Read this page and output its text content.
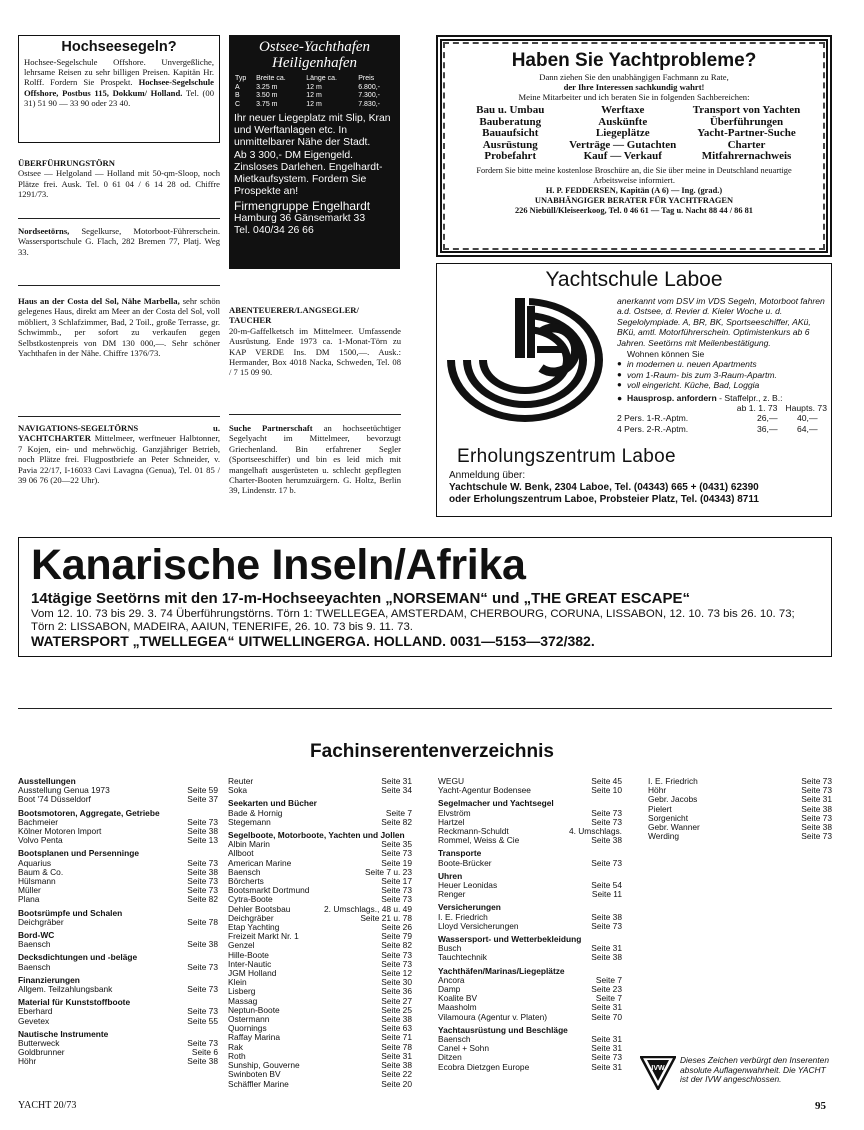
Hochseesegeln?

Hochsee-Segelschule Offshore. Unvergeßliche, lehrsame Reisen zu sehr billigen Preisen. Kapitän Hr. Rolff. Fordern Sie Prospekt. Hochsee-Segelschule Offshore, Postbus 115, Dokkum/ Holland. Tel. (00 31) 51 90 — 33 90 oder 23 40.

ÜBERFÜHRUNGSTÖRN
Ostsee — Helgoland — Holland mit 50-qm-Sloop, noch Plätze frei. Ausk. Tel. 0 61 04 / 6 14 28 od. Chiffre 1291/73.
Nordseetörns, Segelkurse, Motorboot-Führerschein. Wassersportschule G. Flach, 282 Bremen 77, Platj. Weg 33.
Haus an der Costa del Sol, Nähe Marbella, sehr schön gelegenes Haus, direkt am Meer an der Costa del Sol, voll möbliert, 3 Schlafzimmer, Bad, 2 Toil., große Terrasse, gr. Schwimmb., per sofort zu verkaufen gegen Selbstkostenpreis von DM 130 000,—. Sehr schöner Yachthafen in der Nähe. Chiffre 1376/73.
NAVIGATIONS-SEGELTÖRNS u. YACHTCHARTER Mittelmeer, werftneuer Halbtonner, 7 Kojen, ein- und mehrwöchig. Ganzjähriger Betrieb, noch Plätze frei. Flugpostbriefe an Peter Schneider, v. Pavia 22/17, I-16033 Cavi Lavagna (Genua), Tel. 01 85 / 39 06 76 (20—22 Uhr).
ABENTEUERER/LANGSEGLER/ TAUCHER
20-m-Gaffelketsch im Mittelmeer. Umfassende Ausrüstung. Ende 1973 ca. 1-Monat-Törn zu KAP VERDE Ins. DM 1500,—. Ausk.: Hermander, Box 4018 Nacka, Schweden, Tel. 08 / 7 15 09 90.
Suche Partnerschaft an hochseetüchtiger Segelyacht im Mittelmeer, bevorzugt Griechenland. Bin erfahrener Segler (Sportseeschiffer) und bin es leid mich mit mangelhaft ausgerüsteten u. schlecht gepflegten Charter-Booten herumzuärgern. G. Holtz, Berlin 39, Lindenstr. 17 b.
Ostsee-Yachthafen
Heiligenhafen
Typ	Breite ca.	Länge ca.	Preis
A	3.25 m	12 m	6.800,-
B	3.50 m	12 m	7.300,-
C	3.75 m	12 m	7.830,-
Ihr neuer Liegeplatz mit Slip, Kran und Werftanlagen etc. In unmittelbarer Nähe der Stadt.
Ab 3 300,- DM Eigengeld. Zinsloses Darlehen. Engelhardt-Mietkaufsystem. Fordern Sie Prospekte an!
Firmengruppe Engelhardt
Hamburg 36 Gänsemarkt 33
Tel. 040/34 26 66
Haben Sie Yachtprobleme?
Dann ziehen Sie den unabhängigen Fachmann zu Rate,
der Ihre Interessen sachkundig wahrt!
Meine Mitarbeiter und ich beraten Sie in folgenden Sachbereichen:
Bau u. Umbau
Bauberatung
Bauaufsicht
Ausrüstung
Probefahrt
Werftaxe
Auskünfte
Liegeplätze
Verträge — Gutachten
Kauf — Verkauf
Transport von Yachten
Überführungen
Yacht-Partner-Suche
Charter
Mitfahrernachweis
Fordern Sie bitte meine kostenlose Broschüre an, die Sie über meine in Deutschland neuartige Arbeitsweise informiert.
H. P. FEDDERSEN, Kapitän (A 6) — Ing. (grad.)
UNABHÄNGIGER BERATER FÜR YACHTFRAGEN
226 Niebüll/Kleiseerkoog, Tel. 0 46 61 — Tag u. Nacht 88 44 / 86 81
Yachtschule Laboe
anerkannt vom DSV im VDS Segeln, Motorboot fahren a.d. Ostsee, d. Revier d. Kieler Woche u. d. Segelolympiade. A, BR, BK, Sportseeschiffer, AKü, BKü, amtl. Motorführerschein. Optimistenkurs ab 6 Jahren. Seetörns mit Meilenbestätigung.
Wohnen können Sie
● in modernen u. neuen Apartments
● vom 1-Raum- bis zum 3-Raum-Apartm.
● voll eingericht. Küche, Bad, Loggia
● Hausprosp. anfordern - Staffelpr., z. B.:
ab 1. 1. 73 Haupts. 73
2 Pers. 1-R.-Aptm.	26,—	40,—
4 Pers. 2-R.-Aptm.	36,—	64,—
Erholungszentrum Laboe
Anmeldung über:
Yachtschule W. Benk, 2304 Laboe, Tel. (04343) 665 + (0431) 62390
oder Erholungszentrum Laboe, Probsteier Platz, Tel. (04343) 8711
Kanarische Inseln/Afrika
14tägige Seetörns mit den 17-m-Hochseeyachten „NORSEMAN“ und „THE GREAT ESCAPE“
Vom 12. 10. 73 bis 29. 3. 74 Überführungstörns. Törn 1: TWELLEGEA, AMSTERDAM, CHERBOURG, CORUNA, LISSABON, 12. 10. 73 bis 26. 10. 73; Törn 2: LISSABON, MADEIRA, AAIUN, TENERIFE, 26. 10. 73 bis 9. 11. 73.
WATERSPORT „TWELLEGEA“ UITWELLINGERGA. HOLLAND. 0031—5153—372/382.
Fachinserentenverzeichnis
Ausstellungen
Ausstellung Genua 1973	Seite 59
Boot '74 Düsseldorf	Seite 37
Bootsmotoren, Aggregate, Getriebe
Bachmeier	Seite 73
Kölner Motoren Import	Seite 38
Volvo Penta	Seite 13
Bootsplanen und Persenninge
Aquarius	Seite 73
Baum & Co.	Seite 38
Hülsmann	Seite 73
Müller	Seite 73
Plana	Seite 82
Bootsrümpfe und Schalen
Deichgräber	Seite 78
Bord-WC
Baensch	Seite 38
Decksdichtungen und -beläge
Baensch	Seite 73
Finanzierungen
Allgem. Teilzahlungsbank	Seite 73
Material für Kunststoffboote
Eberhard	Seite 73
Gevetex	Seite 55
Nautische Instrumente
Butterweck	Seite 73
Goldbrunner	Seite 6
Höhr	Seite 38
Reuter	Seite 31
Soka	Seite 34
Seekarten und Bücher
Bade & Hornig	Seite 7
Stegemann	Seite 82
Segelboote, Motorboote, Yachten und Jollen
Albin Marin	Seite 35
Allboot	Seite 73
American Marine	Seite 19
Baensch	Seite 7 u. 23
Börcherts	Seite 17
Bootsmarkt Dortmund	Seite 73
Cytra-Boote	Seite 73
Dehler Bootsbau	2. Umschlags., 48 u. 49
Deichgräber	Seite 21 u. 78
Etap Yachting	Seite 26
Freizeit Markt Nr. 1	Seite 79
Genzel	Seite 82
Hille-Boote	Seite 73
Inter-Nautic	Seite 73
JGM Holland	Seite 12
Klein	Seite 30
Lisberg	Seite 36
Massag	Seite 27
Neptun-Boote	Seite 25
Ostermann	Seite 38
Quornings	Seite 63
Raffay Marina	Seite 71
Rak	Seite 78
Roth	Seite 31
Sunship, Gouverne	Seite 38
Swinboten BV	Seite 22
Schäffler Marine	Seite 20
WEGU	Seite 45
Yacht-Agentur Bodensee	Seite 10
Segelmacher und Yachtsegel
Elvström	Seite 73
Hartzel	Seite 73
Reckmann-Schuldt	4. Umschlags.
Rommel, Weiss & Cie	Seite 38
Transporte
Boote-Brücker	Seite 73
Uhren
Heuer Leonidas	Seite 54
Renger	Seite 11
Versicherungen
I. E. Friedrich	Seite 38
Lloyd Versicherungen	Seite 73
Wassersport- und Wetterbekleidung
Busch	Seite 31
Tauchtechnik	Seite 38
Yachthäfen/Marinas/Liegeplätze
Ancora	Seite 7
Damp	Seite 23
Koalite BV	Seite 7
Maasholm	Seite 31
Vilamoura (Agentur v. Platen)	Seite 70
Yachtausrüstung und Beschläge
Baensch	Seite 31
Canel + Sohn	Seite 31
Ditzen	Seite 73
Ecobra Dietzgen Europe	Seite 31
I. E. Friedrich	Seite 73
Höhr	Seite 73
Gebr. Jacobs	Seite 31
Pielert	Seite 38
Sorgenicht	Seite 73
Gebr. Wanner	Seite 38
Werding	Seite 73
IVW
Dieses Zeichen verbürgt den Inserenten absolute Auflagenwahrheit. Die YACHT ist der IVW angeschlossen.
YACHT 20/73	95
